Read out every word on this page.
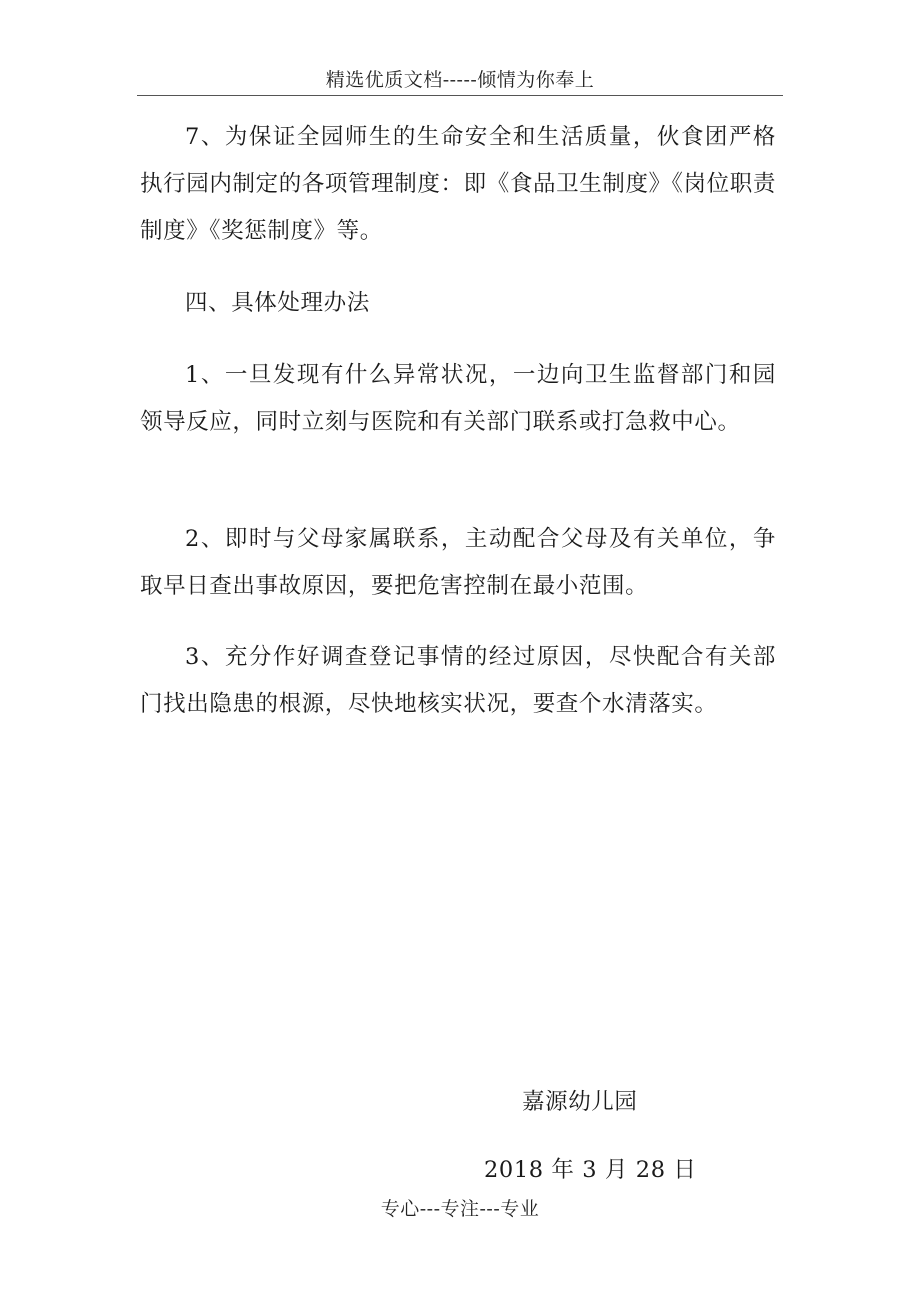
精选优质文档-----倾情为你奉上

7、为保证全园师生的生命安全和生活质量，伙食团严格执行园内制定的各项管理制度：即《食品卫生制度》《岗位职责制度》《奖惩制度》等。

四、具体处理办法

1、一旦发现有什么异常状况，一边向卫生监督部门和园领导反应，同时立刻与医院和有关部门联系或打急救中心。

2、即时与父母家属联系，主动配合父母及有关单位，争取早日查出事故原因，要把危害控制在最小范围。

3、充分作好调查登记事情的经过原因，尽快配合有关部门找出隐患的根源，尽快地核实状况，要查个水清落实。

嘉源幼儿园

2018 年 3 月 28 日

专心---专注---专业
